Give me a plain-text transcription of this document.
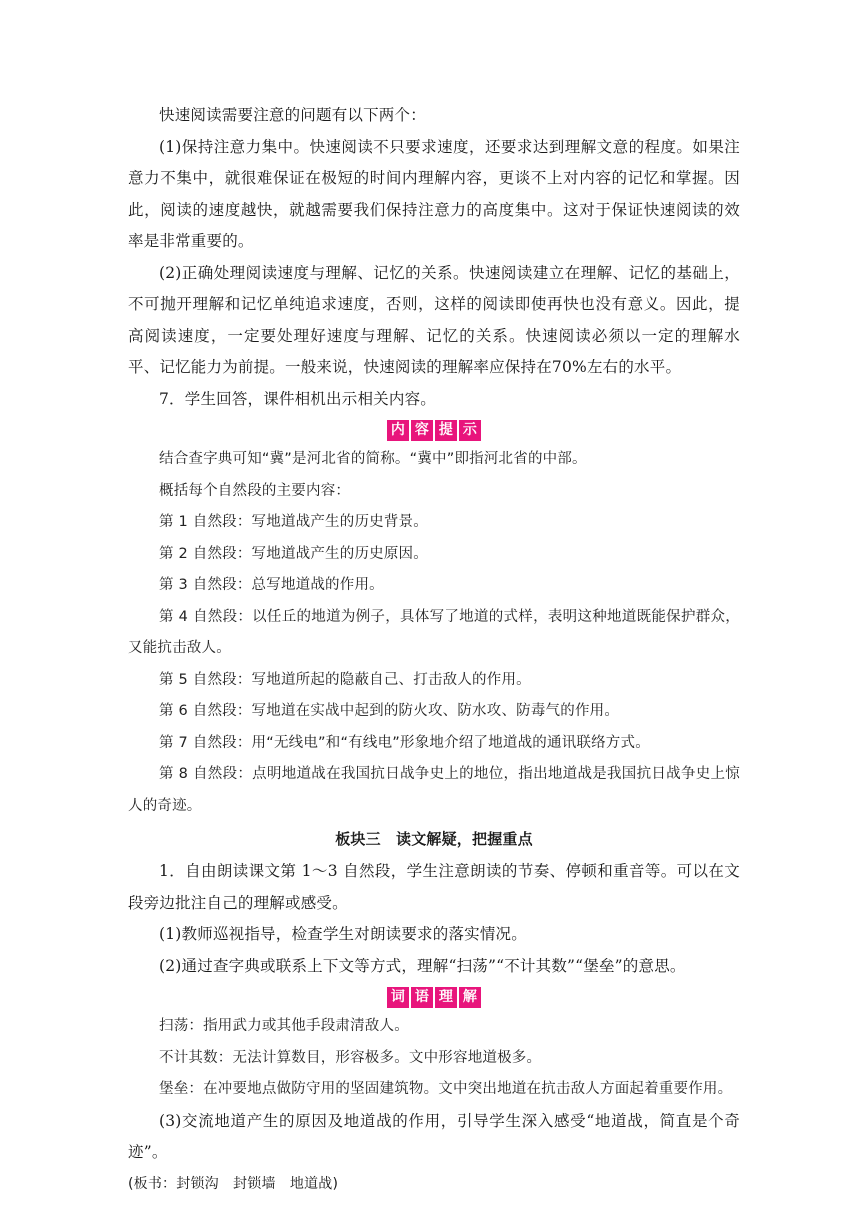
快速阅读需要注意的问题有以下两个：

(1)保持注意力集中。快速阅读不只要求速度，还要求达到理解文意的程度。如果注意力不集中，就很难保证在极短的时间内理解内容，更谈不上对内容的记忆和掌握。因此，阅读的速度越快，就越需要我们保持注意力的高度集中。这对于保证快速阅读的效率是非常重要的。

(2)正确处理阅读速度与理解、记忆的关系。快速阅读建立在理解、记忆的基础上，不可抛开理解和记忆单纯追求速度，否则，这样的阅读即使再快也没有意义。因此，提高阅读速度，一定要处理好速度与理解、记忆的关系。快速阅读必须以一定的理解水平、记忆能力为前提。一般来说，快速阅读的理解率应保持在70%左右的水平。

7．学生回答，课件相机出示相关内容。

内 容 提 示

结合查字典可知“冀”是河北省的简称。“冀中”即指河北省的中部。

概括每个自然段的主要内容：

第 1 自然段：写地道战产生的历史背景。

第 2 自然段：写地道战产生的历史原因。

第 3 自然段：总写地道战的作用。

第 4 自然段：以任丘的地道为例子，具体写了地道的式样，表明这种地道既能保护群众，又能抗击敌人。

第 5 自然段：写地道所起的隐蔽自己、打击敌人的作用。

第 6 自然段：写地道在实战中起到的防火攻、防水攻、防毒气的作用。

第 7 自然段：用“无线电”和“有线电”形象地介绍了地道战的通讯联络方式。

第 8 自然段：点明地道战在我国抗日战争史上的地位，指出地道战是我国抗日战争史上惊人的奇迹。

板块三　读文解疑，把握重点

1．自由朗读课文第 1～3 自然段，学生注意朗读的节奏、停顿和重音等。可以在文段旁边批注自己的理解或感受。

(1)教师巡视指导，检查学生对朗读要求的落实情况。

(2)通过查字典或联系上下文等方式，理解“扫荡”“不计其数”“堡垒”的意思。

词 语 理 解

扫荡：指用武力或其他手段肃清敌人。

不计其数：无法计算数目，形容极多。文中形容地道极多。

堡垒：在冲要地点做防守用的坚固建筑物。文中突出地道在抗击敌人方面起着重要作用。

(3)交流地道产生的原因及地道战的作用，引导学生深入感受“地道战，简直是个奇迹”。

(板书：封锁沟　封锁墙　地道战)
